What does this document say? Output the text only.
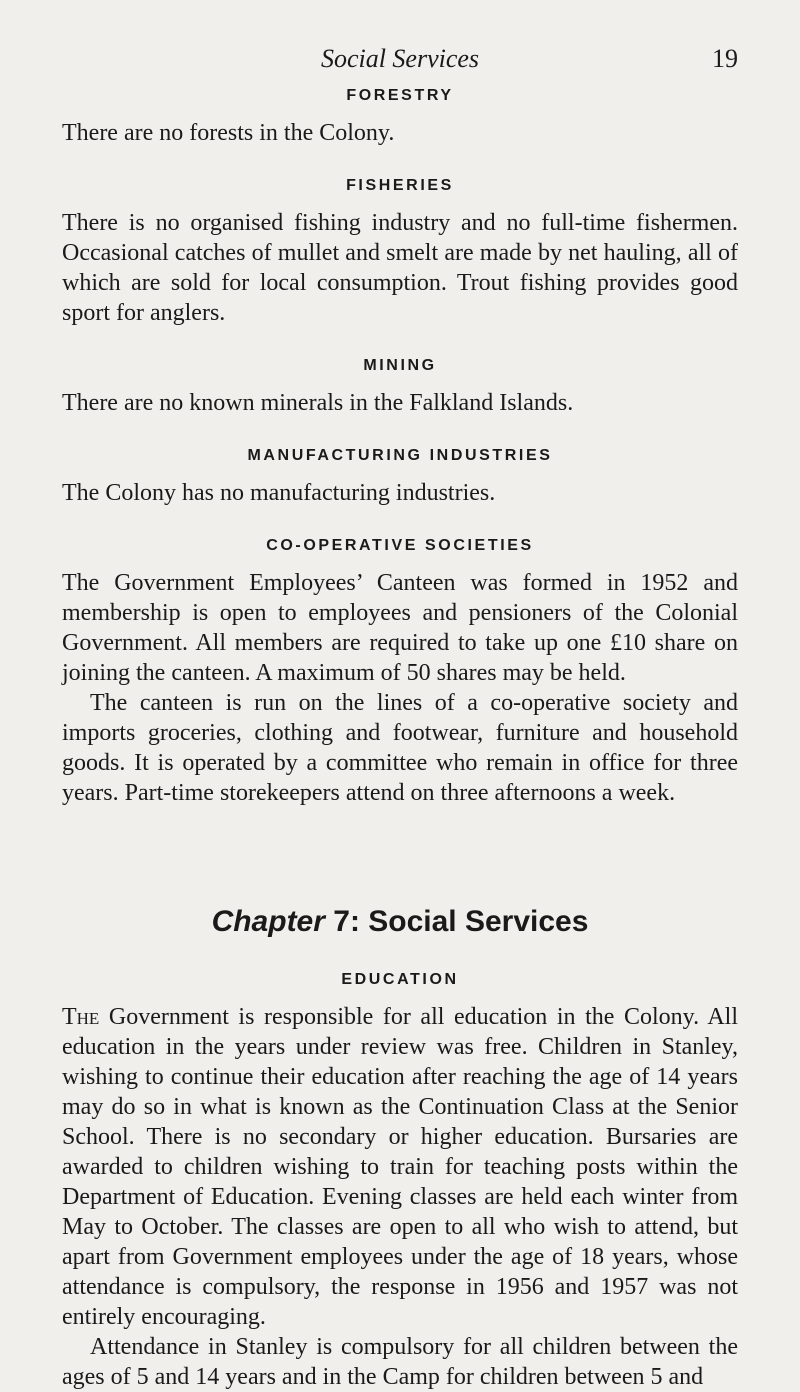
Social Services	19
FORESTRY

There are no forests in the Colony.

FISHERIES

There is no organised fishing industry and no full-time fishermen. Occasional catches of mullet and smelt are made by net hauling, all of which are sold for local consumption. Trout fishing provides good sport for anglers.

MINING

There are no known minerals in the Falkland Islands.

MANUFACTURING INDUSTRIES

The Colony has no manufacturing industries.

CO-OPERATIVE SOCIETIES

The Government Employees’ Canteen was formed in 1952 and membership is open to employees and pensioners of the Colonial Government. All members are required to take up one £10 share on joining the canteen. A maximum of 50 shares may be held.

The canteen is run on the lines of a co-operative society and imports groceries, clothing and footwear, furniture and household goods. It is operated by a committee who remain in office for three years. Part-time storekeepers attend on three afternoons a week.

Chapter 7: Social Services
EDUCATION

The Government is responsible for all education in the Colony. All education in the years under review was free. Children in Stanley, wishing to continue their education after reaching the age of 14 years may do so in what is known as the Continuation Class at the Senior School. There is no secondary or higher education. Bursaries are awarded to children wishing to train for teaching posts within the Department of Education. Evening classes are held each winter from May to October. The classes are open to all who wish to attend, but apart from Government employees under the age of 18 years, whose attendance is compulsory, the response in 1956 and 1957 was not entirely encouraging.

Attendance in Stanley is compulsory for all children between the ages of 5 and 14 years and in the Camp for children between 5 and
